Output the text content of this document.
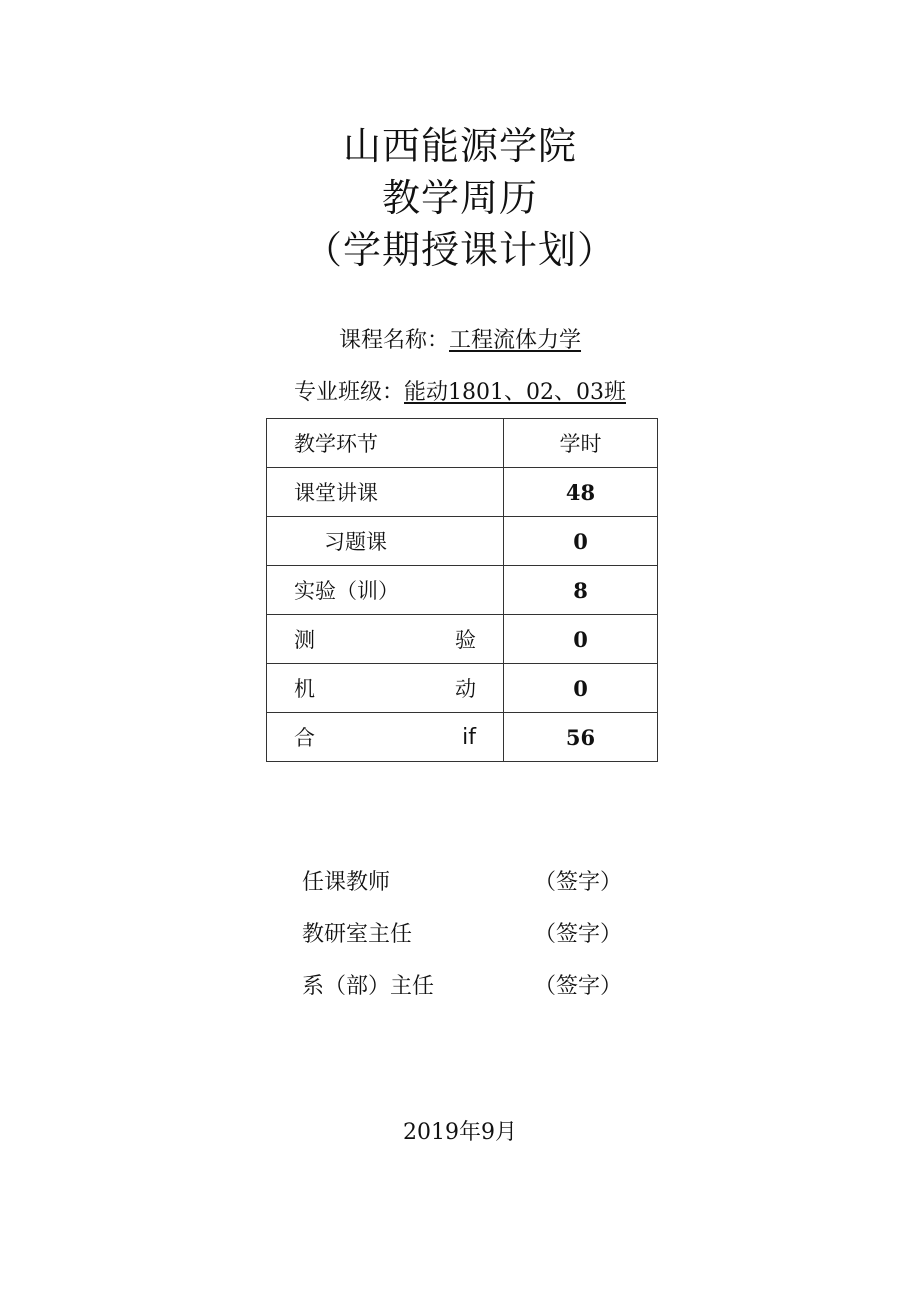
山西能源学院
教学周历
（学期授课计划）
课程名称：工程流体力学
专业班级：能动1801、02、03班
教学环节	学时
课堂讲课	48
习题课	0
实验（训）	8

测 验	0

机 动	0

合 if	56
任课教师	（签字）
教研室主任	（签字）
系（部）主任	（签字）
2019年9月
